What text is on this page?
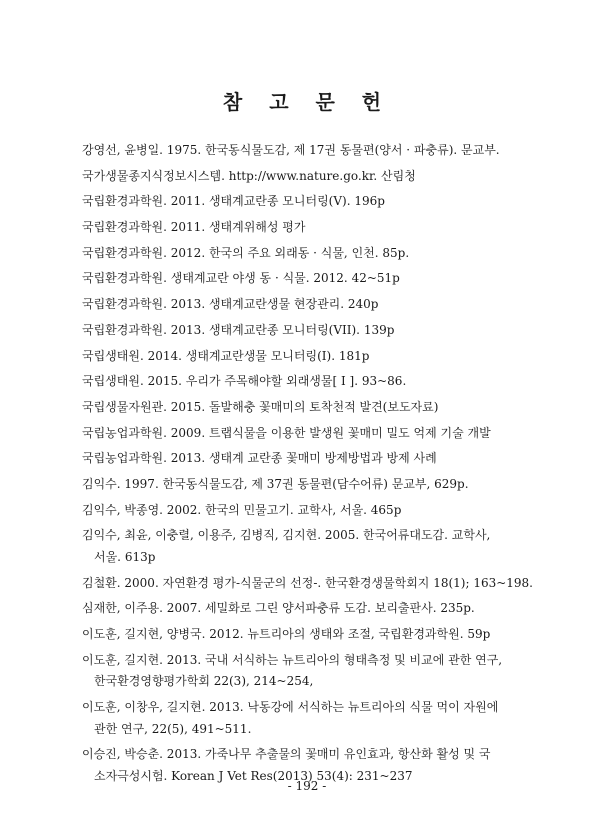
참 고 문 헌
강영선, 윤병일. 1975. 한국동식물도감, 제 17권 동물편(양서 · 파충류). 문교부.
국가생물종지식정보시스템. http://www.nature.go.kr. 산림청
국립환경과학원. 2011. 생태계교란종 모니터링(V). 196p
국립환경과학원. 2011. 생태계위해성 평가
국립환경과학원. 2012. 한국의 주요 외래동 · 식물, 인천. 85p.
국립환경과학원. 생태계교란 야생 동 · 식물. 2012. 42~51p
국립환경과학원. 2013. 생태계교란생물 현장관리. 240p
국립환경과학원. 2013. 생태계교란종 모니터링(VII). 139p
국립생태원. 2014. 생태계교란생물 모니터링(I). 181p
국립생태원. 2015. 우리가 주목해야할 외래생물[ I ]. 93~86.
국립생물자원관. 2015. 돌발해충 꽃매미의 토착천적 발견(보도자료)
국립농업과학원. 2009. 트랩식물을 이용한 발생원 꽃매미 밀도 억제 기술 개발
국립농업과학원. 2013. 생태계 교란종 꽃매미 방제방법과 방제 사례
김익수. 1997. 한국동식물도감, 제 37권 동물편(담수어류) 문교부, 629p.
김익수, 박종영. 2002. 한국의 민물고기. 교학사, 서울. 465p
김익수, 최윤, 이충렬, 이용주, 김병직, 김지현. 2005. 한국어류대도감. 교학사,
서울. 613p
김철환. 2000. 자연환경 평가-식물군의 선정-. 한국환경생물학회지 18(1); 163~198.
심재한, 이주용. 2007. 세밀화로 그린 양서파충류 도감. 보리출판사. 235p.
이도훈, 길지현, 양병국. 2012. 뉴트리아의 생태와 조절, 국립환경과학원. 59p
이도훈, 길지현. 2013. 국내 서식하는 뉴트리아의 형태측정 및 비교에 관한 연구,
한국환경영향평가학회 22(3), 214~254,
이도훈, 이창우, 길지현. 2013. 낙동강에 서식하는 뉴트리아의 식물 먹이 자원에
관한 연구, 22(5), 491~511.
이승진, 박승춘. 2013. 가죽나무 추출물의 꽃매미 유인효과, 항산화 활성 및 국
소자극성시험. Korean J Vet Res(2013) 53(4): 231~237

- 192 -
